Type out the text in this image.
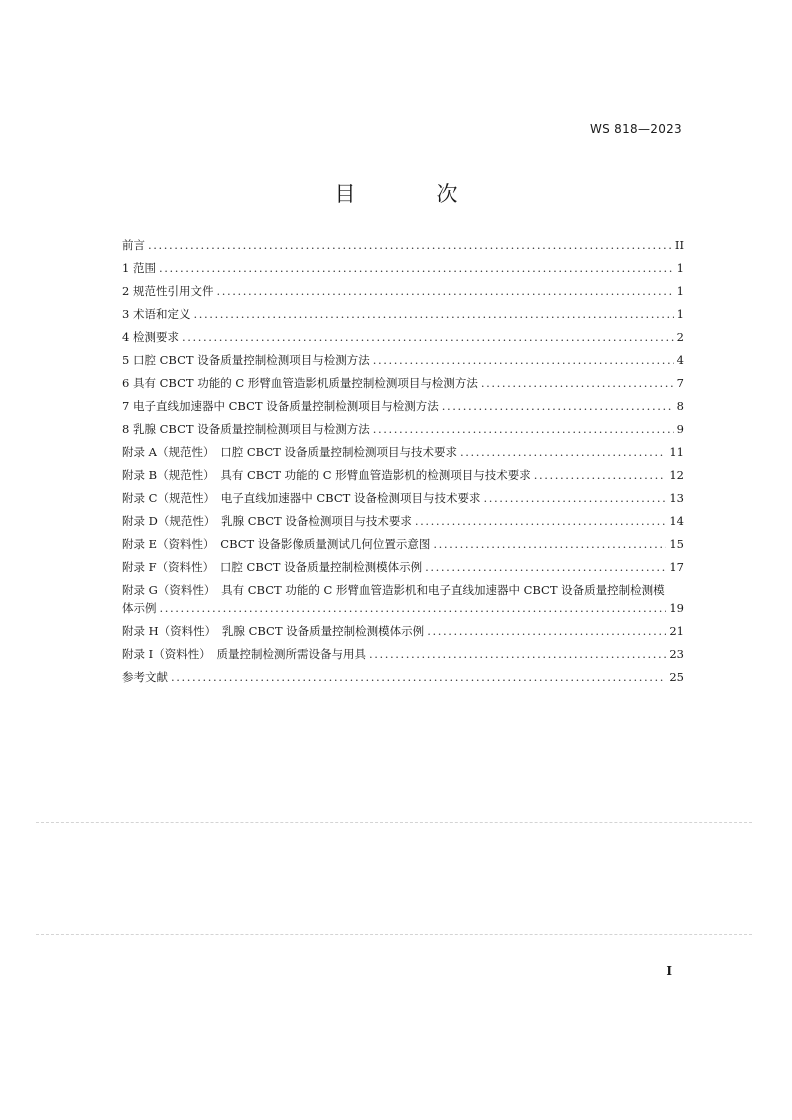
WS 818—2023
目　次
前言 .....	II
1 范围 .....	1
2 规范性引用文件 .....	1
3 术语和定义 .....	1
4 检测要求 .....	2
5 口腔 CBCT 设备质量控制检测项目与检测方法 .....	4
6 具有 CBCT 功能的 C 形臂血管造影机质量控制检测项目与检测方法 .....	7
7 电子直线加速器中 CBCT 设备质量控制检测项目与检测方法 .....	8
8 乳腺 CBCT 设备质量控制检测项目与检测方法 .....	9
附录 A（规范性）　口腔 CBCT 设备质量控制检测项目与技术要求 .....	11
附录 B（规范性）　具有 CBCT 功能的 C 形臂血管造影机的检测项目与技术要求 .....	12
附录 C（规范性）　电子直线加速器中 CBCT 设备检测项目与技术要求 .....	13
附录 D（规范性）　乳腺 CBCT 设备检测项目与技术要求 .....	14
附录 E（资料性）　CBCT 设备影像质量测试几何位置示意图 .....	15
附录 F（资料性）　口腔 CBCT 设备质量控制检测模体示例 .....	17
附录 G（资料性）　具有 CBCT 功能的 C 形臂血管造影机和电子直线加速器中 CBCT 设备质量控制检测模
体示例 .....	19
附录 H（资料性）　乳腺 CBCT 设备质量控制检测模体示例 .....	21
附录 I（资料性）　质量控制检测所需设备与用具 .....	23
参考文献 .....	25
I
